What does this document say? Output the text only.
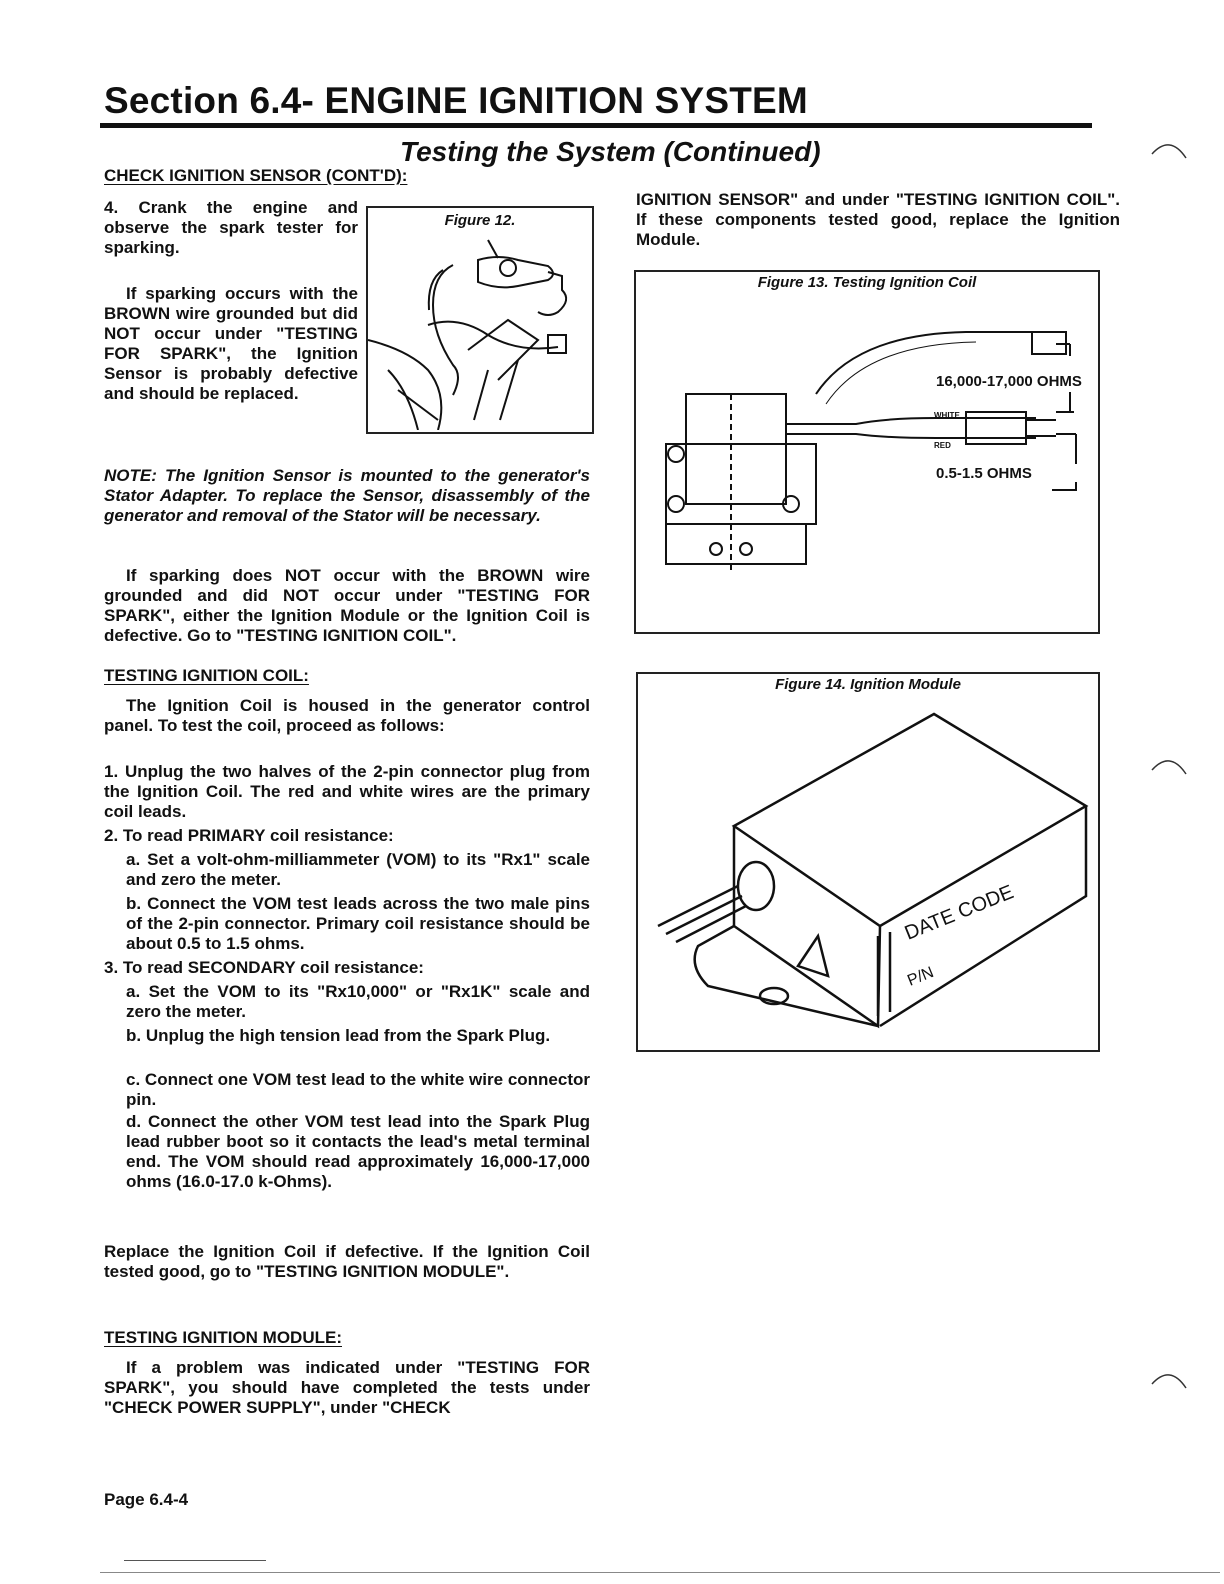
Section 6.4- ENGINE IGNITION SYSTEM
Testing the System (Continued)
CHECK IGNITION SENSOR (CONT'D):
4. Crank the engine and observe the spark tester for sparking.
If sparking occurs with the BROWN wire grounded but did NOT occur under "TESTING FOR SPARK", the Ignition Sensor is probably defective and should be replaced.
Figure 12.
NOTE: The Ignition Sensor is mounted to the generator's Stator Adapter. To replace the Sensor, disassembly of the generator and removal of the Stator will be necessary.
If sparking does NOT occur with the BROWN wire grounded and did NOT occur under "TESTING FOR SPARK", either the Ignition Module or the Ignition Coil is defective. Go to "TESTING IGNITION COIL".
TESTING IGNITION COIL:
The Ignition Coil is housed in the generator control panel. To test the coil, proceed as follows:
1. Unplug the two halves of the 2-pin connector plug from the Ignition Coil. The red and white wires are the primary coil leads.
2. To read PRIMARY coil resistance:
a. Set a volt-ohm-milliammeter (VOM) to its "Rx1" scale and zero the meter.
b. Connect the VOM test leads across the two male pins of the 2-pin connector. Primary coil resistance should be about 0.5 to 1.5 ohms.
3. To read SECONDARY coil resistance:
a. Set the VOM to its "Rx10,000" or "Rx1K" scale and zero the meter.
b. Unplug the high tension lead from the Spark Plug.
c. Connect one VOM test lead to the white wire connector pin.
d. Connect the other VOM test lead into the Spark Plug lead rubber boot so it contacts the lead's metal terminal end. The VOM should read approximately 16,000-17,000 ohms (16.0-17.0 k-Ohms).
Replace the Ignition Coil if defective. If the Ignition Coil tested good, go to "TESTING IGNITION MODULE".
TESTING IGNITION MODULE:
If a problem was indicated under "TESTING FOR SPARK", you should have completed the tests under "CHECK POWER SUPPLY", under "CHECK
IGNITION SENSOR" and under "TESTING IGNITION COIL". If these components tested good, replace the Ignition Module.
Figure 13. Testing Ignition Coil
16,000-17,000 OHMS
0.5-1.5 OHMS
WHITE
RED
Figure 14. Ignition Module
DATE CODE
P/N
Page 6.4-4
